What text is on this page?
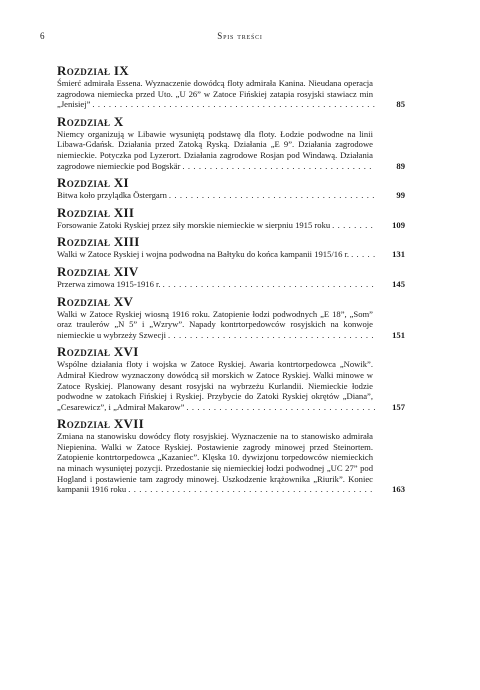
6	Spis treści
Rozdział IX
Śmierć admirała Essena. Wyznaczenie dowódcą floty admirała Kanina. Nieudana operacja zagrodowa niemiecka przed Uto. „U 26” w Zatoce Fińskiej zatapia rosyjski stawiacz min „Jenisiej” . . .	85
Rozdział X
Niemcy organizują w Libawie wysuniętą podstawę dla floty. Łodzie podwodne na linii Libawa-Gdańsk. Działania przed Zatoką Ryską. Działania „E 9”. Działania zagrodowe niemieckie. Potyczka pod Lyzerort. Działania zagrodowe Rosjan pod Windawą. Działania zagrodowe niemieckie pod Bogskär . . .	89
Rozdział XI
Bitwa koło przylądka Östergarn . . .	99
Rozdział XII
Forsowanie Zatoki Ryskiej przez siły morskie niemieckie w sierpniu 1915 roku . . .	109
Rozdział XIII
Walki w Zatoce Ryskiej i wojna podwodna na Bałtyku do końca kampanii 1915/16 r. . . .	131
Rozdział XIV
Przerwa zimowa 1915-1916 r. . . .	145
Rozdział XV
Walki w Zatoce Ryskiej wiosną 1916 roku. Zatopienie łodzi podwodnych „E 18”, „Som” oraz traulerów „N 5” i „Wzryw”. Napady kontrtorpedowców rosyjskich na konwoje niemieckie u wybrzeży Szwecji . . .	151
Rozdział XVI
Wspólne działania floty i wojska w Zatoce Ryskiej. Awaria kontrtorpedowca „Nowik”. Admirał Kiedrow wyznaczony dowódcą sił morskich w Zatoce Ryskiej. Walki minowe w Zatoce Ryskiej. Planowany desant rosyjski na wybrzeżu Kurlandii. Niemieckie łodzie podwodne w zatokach Fińskiej i Ryskiej. Przybycie do Zatoki Ryskiej okrętów „Diana”, „Cesarewicz”, i „Admirał Makarow” . . .	157
Rozdział XVII
Zmiana na stanowisku dowódcy floty rosyjskiej. Wyznaczenie na to stanowisko admirała Niepienina. Walki w Zatoce Ryskiej. Postawienie zagrody minowej przed Steinortem. Zatopienie kontrtorpedowca „Kazaniec”. Klęska 10. dywizjonu torpedowców niemieckich na minach wysuniętej pozycji. Przedostanie się niemieckiej łodzi podwodnej „UC 27” pod Hogland i postawienie tam zagrody minowej. Uszkodzenie krążownika „Riurik”. Koniec kampanii 1916 roku . . .	163
